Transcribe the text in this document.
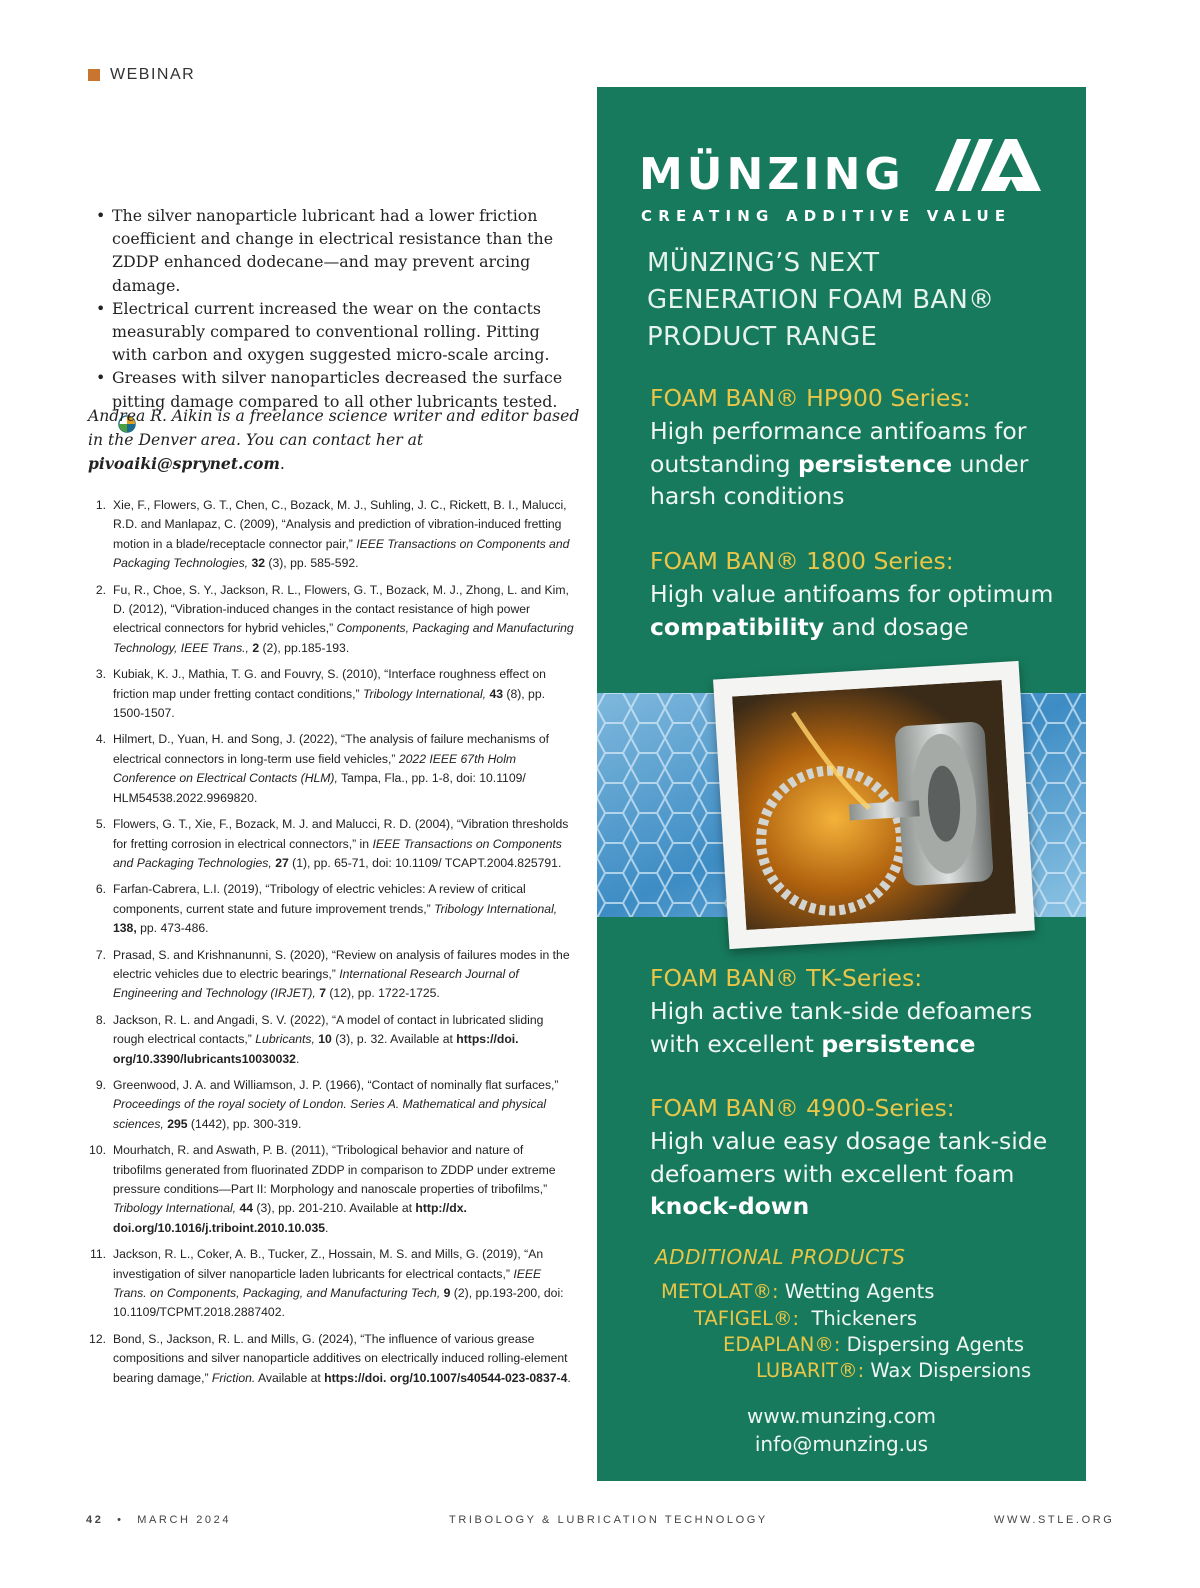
WEBINAR
• The silver nanoparticle lubricant had a lower friction coefficient and change in electrical resistance than the ZDDP enhanced dodecane—and may prevent arcing damage.
• Electrical current increased the wear on the contacts measurably compared to conventional rolling. Pitting with carbon and oxygen suggested micro-scale arcing.
• Greases with silver nanoparticles decreased the surface pitting damage compared to all other lubricants tested.

Andrea R. Aikin is a freelance science writer and editor based in the Denver area. You can contact her at pivoaiki@sprynet.com.

1. Xie, F., Flowers, G. T., Chen, C., Bozack, M. J., Suhling, J. C., Rickett, B. I., Malucci, R.D. and Manlapaz, C. (2009), “Analysis and prediction of vibration-induced fretting motion in a blade/receptacle connector pair,” IEEE Transactions on Components and Packaging Technologies, 32 (3), pp. 585-592.
2. Fu, R., Choe, S. Y., Jackson, R. L., Flowers, G. T., Bozack, M. J., Zhong, L. and Kim, D. (2012), “Vibration-induced changes in the contact resistance of high power electrical connectors for hybrid vehicles,” Components, Packaging and Manufacturing Technology, IEEE Trans., 2 (2), pp.185-193.
3. Kubiak, K. J., Mathia, T. G. and Fouvry, S. (2010), “Interface roughness effect on friction map under fretting contact conditions,” Tribology International, 43 (8), pp. 1500-1507.
4. Hilmert, D., Yuan, H. and Song, J. (2022), “The analysis of failure mechanisms of electrical connectors in long-term use field vehicles,” 2022 IEEE 67th Holm Conference on Electrical Contacts (HLM), Tampa, Fla., pp. 1-8, doi: 10.1109/ HLM54538.2022.9969820.
5. Flowers, G. T., Xie, F., Bozack, M. J. and Malucci, R. D. (2004), “Vibration thresholds for fretting corrosion in electrical connectors,” in IEEE Transactions on Components and Packaging Technologies, 27 (1), pp. 65-71, doi: 10.1109/ TCAPT.2004.825791.
6. Farfan-Cabrera, L.I. (2019), “Tribology of electric vehicles: A review of critical components, current state and future improvement trends,” Tribology International, 138, pp. 473-486.
7. Prasad, S. and Krishnanunni, S. (2020), “Review on analysis of failures modes in the electric vehicles due to electric bearings,” International Research Journal of Engineering and Technology (IRJET), 7 (12), pp. 1722-1725.
8. Jackson, R. L. and Angadi, S. V. (2022), “A model of contact in lubricated sliding rough electrical contacts,” Lubricants, 10 (3), p. 32. Available at https://doi. org/10.3390/lubricants10030032.
9. Greenwood, J. A. and Williamson, J. P. (1966), “Contact of nominally flat surfaces,” Proceedings of the royal society of London. Series A. Mathematical and physical sciences, 295 (1442), pp. 300-319.
10. Mourhatch, R. and Aswath, P. B. (2011), “Tribological behavior and nature of tribofilms generated from fluorinated ZDDP in comparison to ZDDP under extreme pressure conditions—Part II: Morphology and nanoscale properties of tribofilms,” Tribology International, 44 (3), pp. 201-210. Available at http://dx. doi.org/10.1016/j.triboint.2010.10.035.
11. Jackson, R. L., Coker, A. B., Tucker, Z., Hossain, M. S. and Mills, G. (2019), “An investigation of silver nanoparticle laden lubricants for electrical contacts,” IEEE Trans. on Components, Packaging, and Manufacturing Tech, 9 (2), pp.193-200, doi: 10.1109/TCPMT.2018.2887402.
12. Bond, S., Jackson, R. L. and Mills, G. (2024), “The influence of various grease compositions and silver nanoparticle additives on electrically induced rolling-element bearing damage,” Friction. Available at https://doi. org/10.1007/s40544-023-0837-4.
42 • MARCH 2024	TRIBOLOGY & LUBRICATION TECHNOLOGY	WWW.STLE.ORG
MÜNZING
CREATING ADDITIVE VALUE
MÜNZING’S NEXT
GENERATION FOAM BAN®
PRODUCT RANGE
FOAM BAN® HP900 Series:
High performance antifoams for
outstanding persistence under
harsh conditions
FOAM BAN® 1800 Series:
High value antifoams for optimum
compatibility and dosage
FOAM BAN® TK-Series:
High active tank-side defoamers
with excellent persistence
FOAM BAN® 4900-Series:
High value easy dosage tank-side
defoamers with excellent foam
knock-down
ADDITIONAL PRODUCTS
METOLAT®: Wetting Agents
TAFIGEL®:  Thickeners
EDAPLAN®: Dispersing Agents
LUBARIT®: Wax Dispersions
www.munzing.com
info@munzing.us
